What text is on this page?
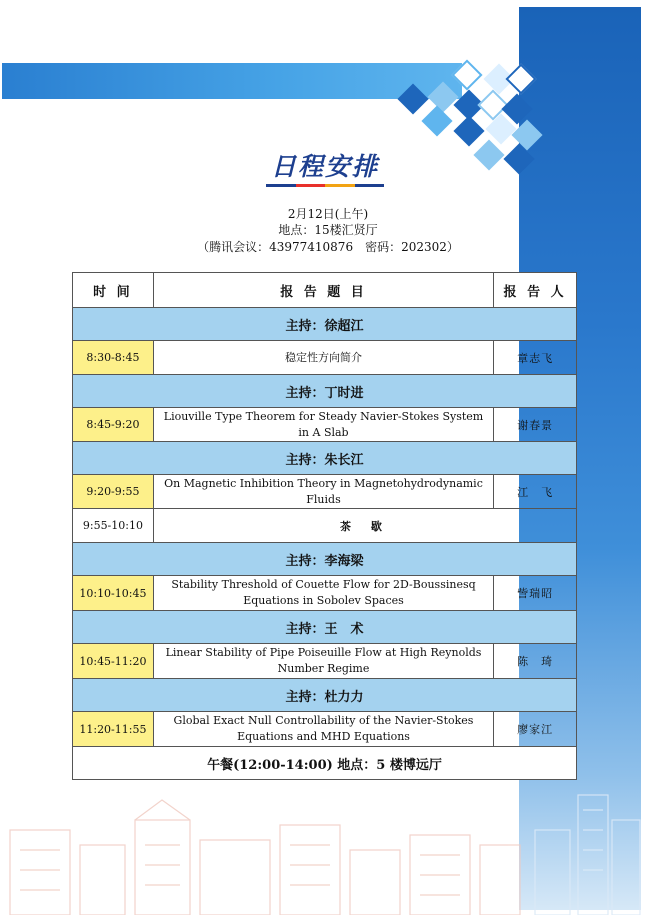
日程安排
2月12日(上午)
地点：15楼汇贤厅
（腾讯会议：43977410876　密码：202302）
时 间	报 告 题 目	报 告 人
主持：徐超江		
8:30-8:45	稳定性方向简介	章志飞
主持：丁时进		
8:45-9:20	Liouville Type Theorem for Steady Navier-Stokes System in A Slab	谢春景
主持：朱长江		
9:20-9:55	On Magnetic Inhibition Theory in Magnetohydrodynamic Fluids	江　飞
9:55-10:10	茶 歇	
主持：李海梁		
10:10-10:45	Stability Threshold of Couette Flow for 2D-Boussinesq Equations in Sobolev Spaces	訾瑞昭
主持：王　术		
10:45-11:20	Linear Stability of Pipe Poiseuille Flow at High Reynolds Number Regime	陈　琦
主持：杜力力		
11:20-11:55	Global Exact Null Controllability of the Navier-Stokes Equations and MHD Equations	廖家江
午餐(12:00-14:00) 地点：5 楼博远厅		
